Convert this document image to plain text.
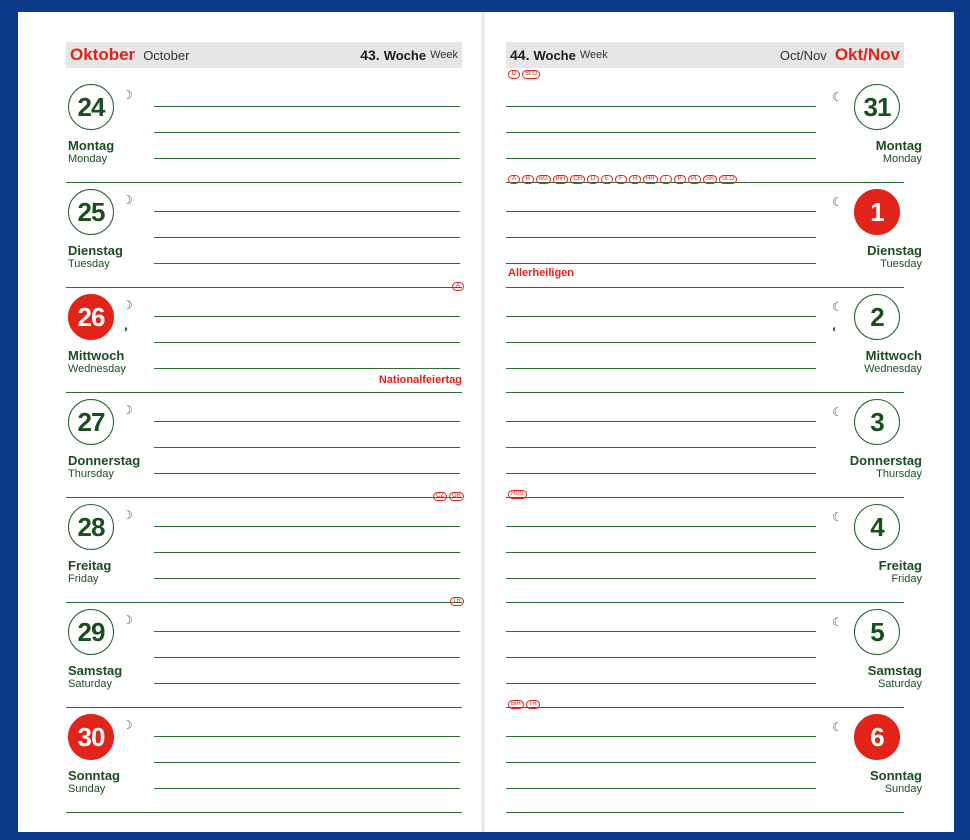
Oktober October	43. Woche Week
24	☽
Montag
Monday
25	☽
Dienstag
Tuesday
26	☽
◑
Mittwoch
Wednesday
Nationalfeiertag
A
27	☽
Donnerstag
Thursday
28	☽
Freitag
Friday
CZ	GR
29	☽
Samstag
Saturday
TR
30	☽
Sonntag
Sunday
44. Woche Week	Oct/Nov Okt/Nov
31
☾
Montag
Monday
D	SLO
1
☾
Dienstag
Tuesday
Allerheiligen
A	B	BG	BiH	CH	D	E	F	H	HR	I	P	PL	SK	SLO
2
☾
◐
Mittwoch
Wednesday
3
☾
Donnerstag
Thursday
4
☾
Freitag
Friday
RUS
5
☾
Samstag
Saturday
6
☾
Sonntag
Sunday
BiH	TR
